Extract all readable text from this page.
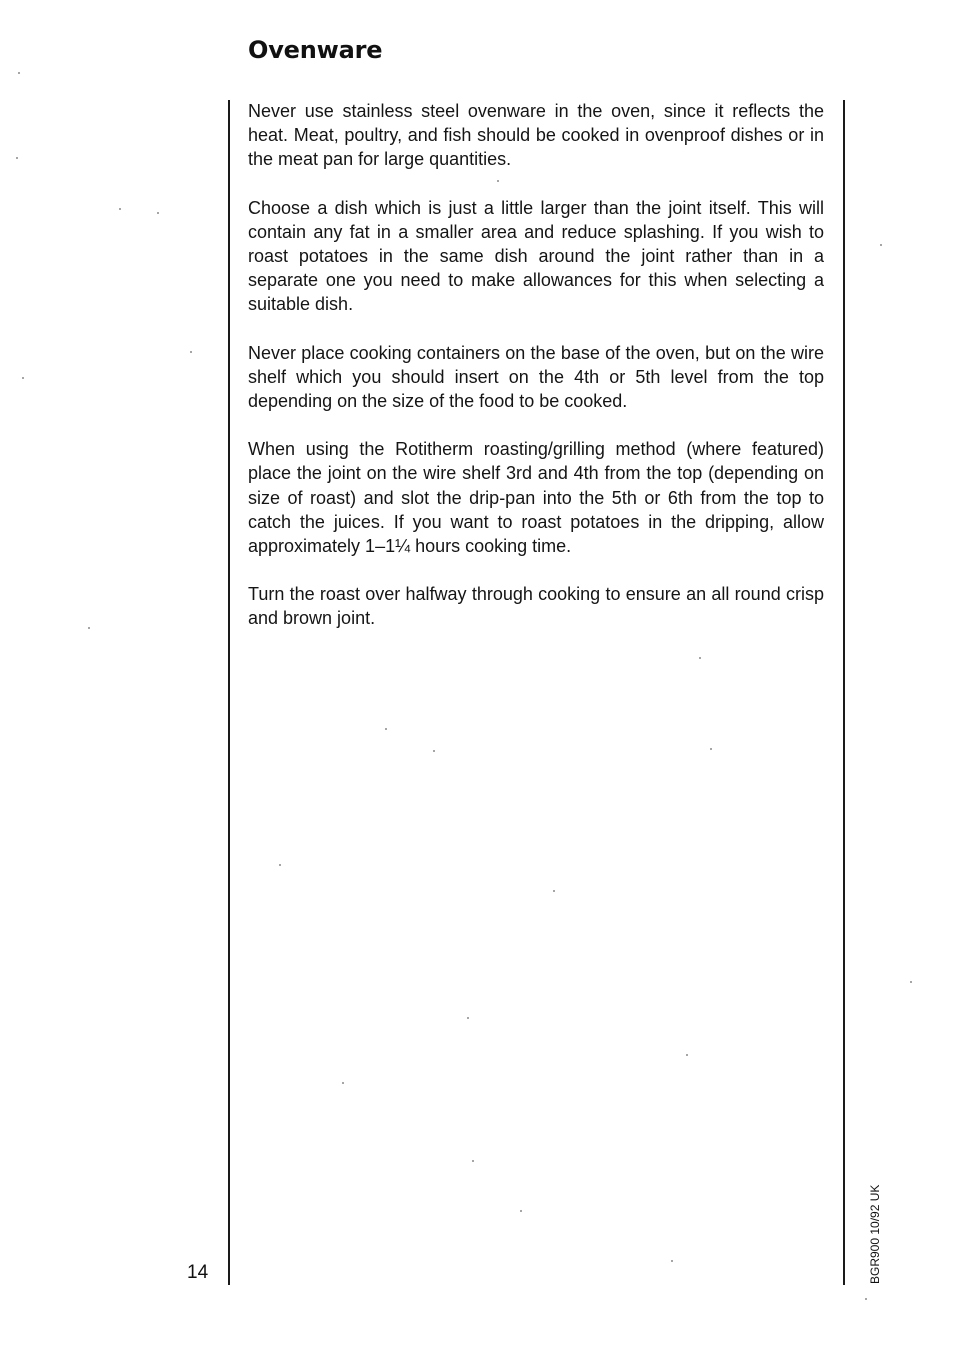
Ovenware

Never use stainless steel ovenware in the oven, since it reflects the heat. Meat, poultry, and fish should be cooked in ovenproof dishes or in the meat pan for large quantities.

Choose a dish which is just a little larger than the joint itself. This will contain any fat in a smaller area and reduce splashing. If you wish to roast potatoes in the same dish around the joint rather than in a separate one you need to make allowances for this when selecting a suitable dish.

Never place cooking containers on the base of the oven, but on the wire shelf which you should insert on the 4th or 5th level from the top depending on the size of the food to be cooked.

When using the Rotitherm roasting/grilling method (where featured) place the joint on the wire shelf 3rd and 4th from the top (depending on size of roast) and slot the drip-pan into the 5th or 6th from the top to catch the juices. If you want to roast potatoes in the dripping, allow approximately 1–1¼ hours cooking time.

Turn the roast over halfway through cooking to ensure an all round crisp and brown joint.

14	BGR900 10/92 UK
